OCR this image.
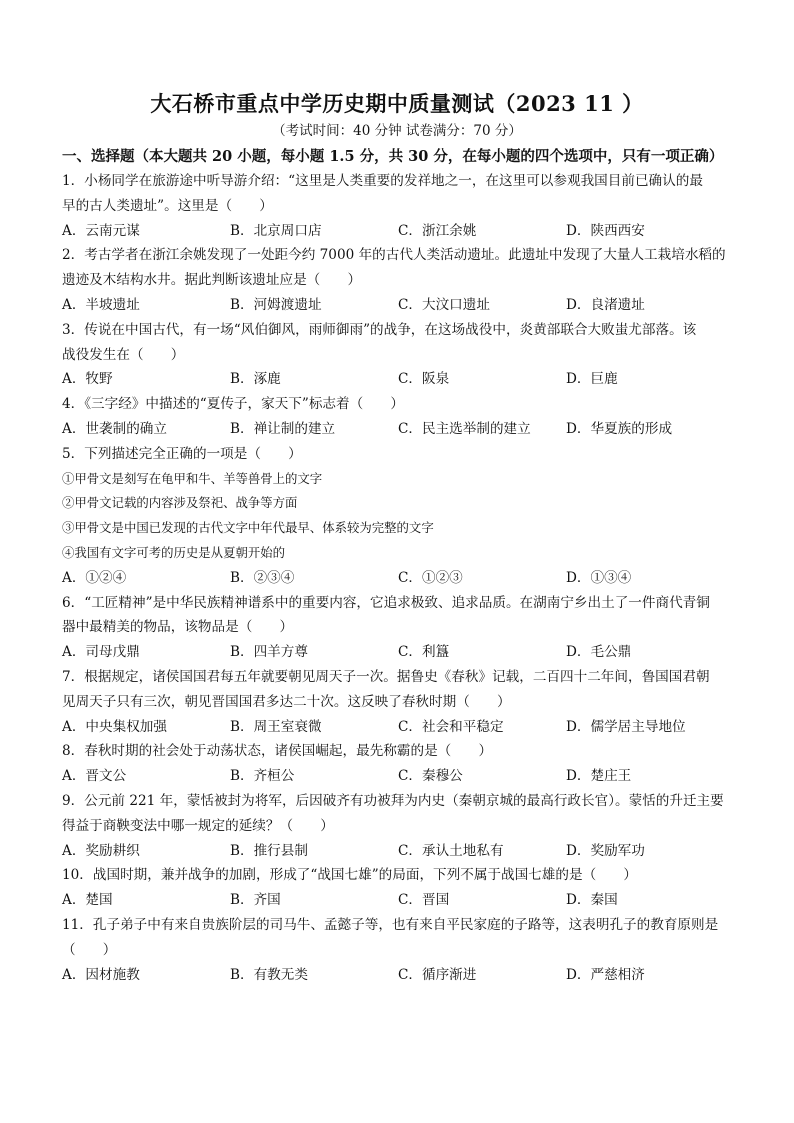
大石桥市重点中学历史期中质量测试（2023 11 ）
（考试时间：40 分钟 试卷满分：70 分）
一、选择题（本大题共 20 小题，每小题 1.5 分，共 30 分，在每小题的四个选项中，只有一项正确）
1．小杨同学在旅游途中听导游介绍：“这里是人类重要的发祥地之一，在这里可以参观我国目前已确认的最
早的古人类遗址”。这里是（　　）
A．云南元谋	B．北京周口店	C．浙江余姚	D．陕西西安
2．考古学者在浙江余姚发现了一处距今约 7000 年的古代人类活动遗址。此遗址中发现了大量人工栽培水稻的
遗迹及木结构水井。据此判断该遗址应是（　　）
A．半坡遗址	B．河姆渡遗址	C．大汶口遗址	D．良渚遗址
3．传说在中国古代，有一场“风伯御风，雨师御雨”的战争，在这场战役中，炎黄部联合大败蚩尤部落。该
战役发生在（　　）
A．牧野	B．涿鹿	C．阪泉	D．巨鹿
4．《三字经》中描述的“夏传子，家天下”标志着（　　）
A．世袭制的确立	B．禅让制的建立	C．民主选举制的建立	D．华夏族的形成
5．下列描述完全正确的一项是（　　）
①甲骨文是刻写在龟甲和牛、羊等兽骨上的文字
②甲骨文记载的内容涉及祭祀、战争等方面
③甲骨文是中国已发现的古代文字中年代最早、体系较为完整的文字
④我国有文字可考的历史是从夏朝开始的
A．①②④	B．②③④	C．①②③	D．①③④
6．“工匠精神”是中华民族精神谱系中的重要内容，它追求极致、追求品质。在湖南宁乡出土了一件商代青铜
器中最精美的物品，该物品是（　　）
A．司母戊鼎	B．四羊方尊	C．利簋	D．毛公鼎
7．根据规定，诸侯国国君每五年就要朝见周天子一次。据鲁史《春秋》记载，二百四十二年间，鲁国国君朝
见周天子只有三次，朝见晋国国君多达二十次。这反映了春秋时期（　　）
A．中央集权加强	B．周王室衰微	C．社会和平稳定	D．儒学居主导地位
8．春秋时期的社会处于动荡状态，诸侯国崛起，最先称霸的是（　　）
A．晋文公	B．齐桓公	C．秦穆公	D．楚庄王
9．公元前 221 年，蒙恬被封为将军，后因破齐有功被拜为内史（秦朝京城的最高行政长官）。蒙恬的升迁主要
得益于商鞅变法中哪一规定的延续？（　　）
A．奖励耕织	B．推行县制	C．承认土地私有	D．奖励军功
10．战国时期，兼并战争的加剧，形成了“战国七雄”的局面，下列不属于战国七雄的是（　　）
A．楚国	B．齐国	C．晋国	D．秦国
11．孔子弟子中有来自贵族阶层的司马牛、孟懿子等，也有来自平民家庭的子路等，这表明孔子的教育原则是
（　　）
A．因材施教	B．有教无类	C．循序渐进	D．严慈相济
